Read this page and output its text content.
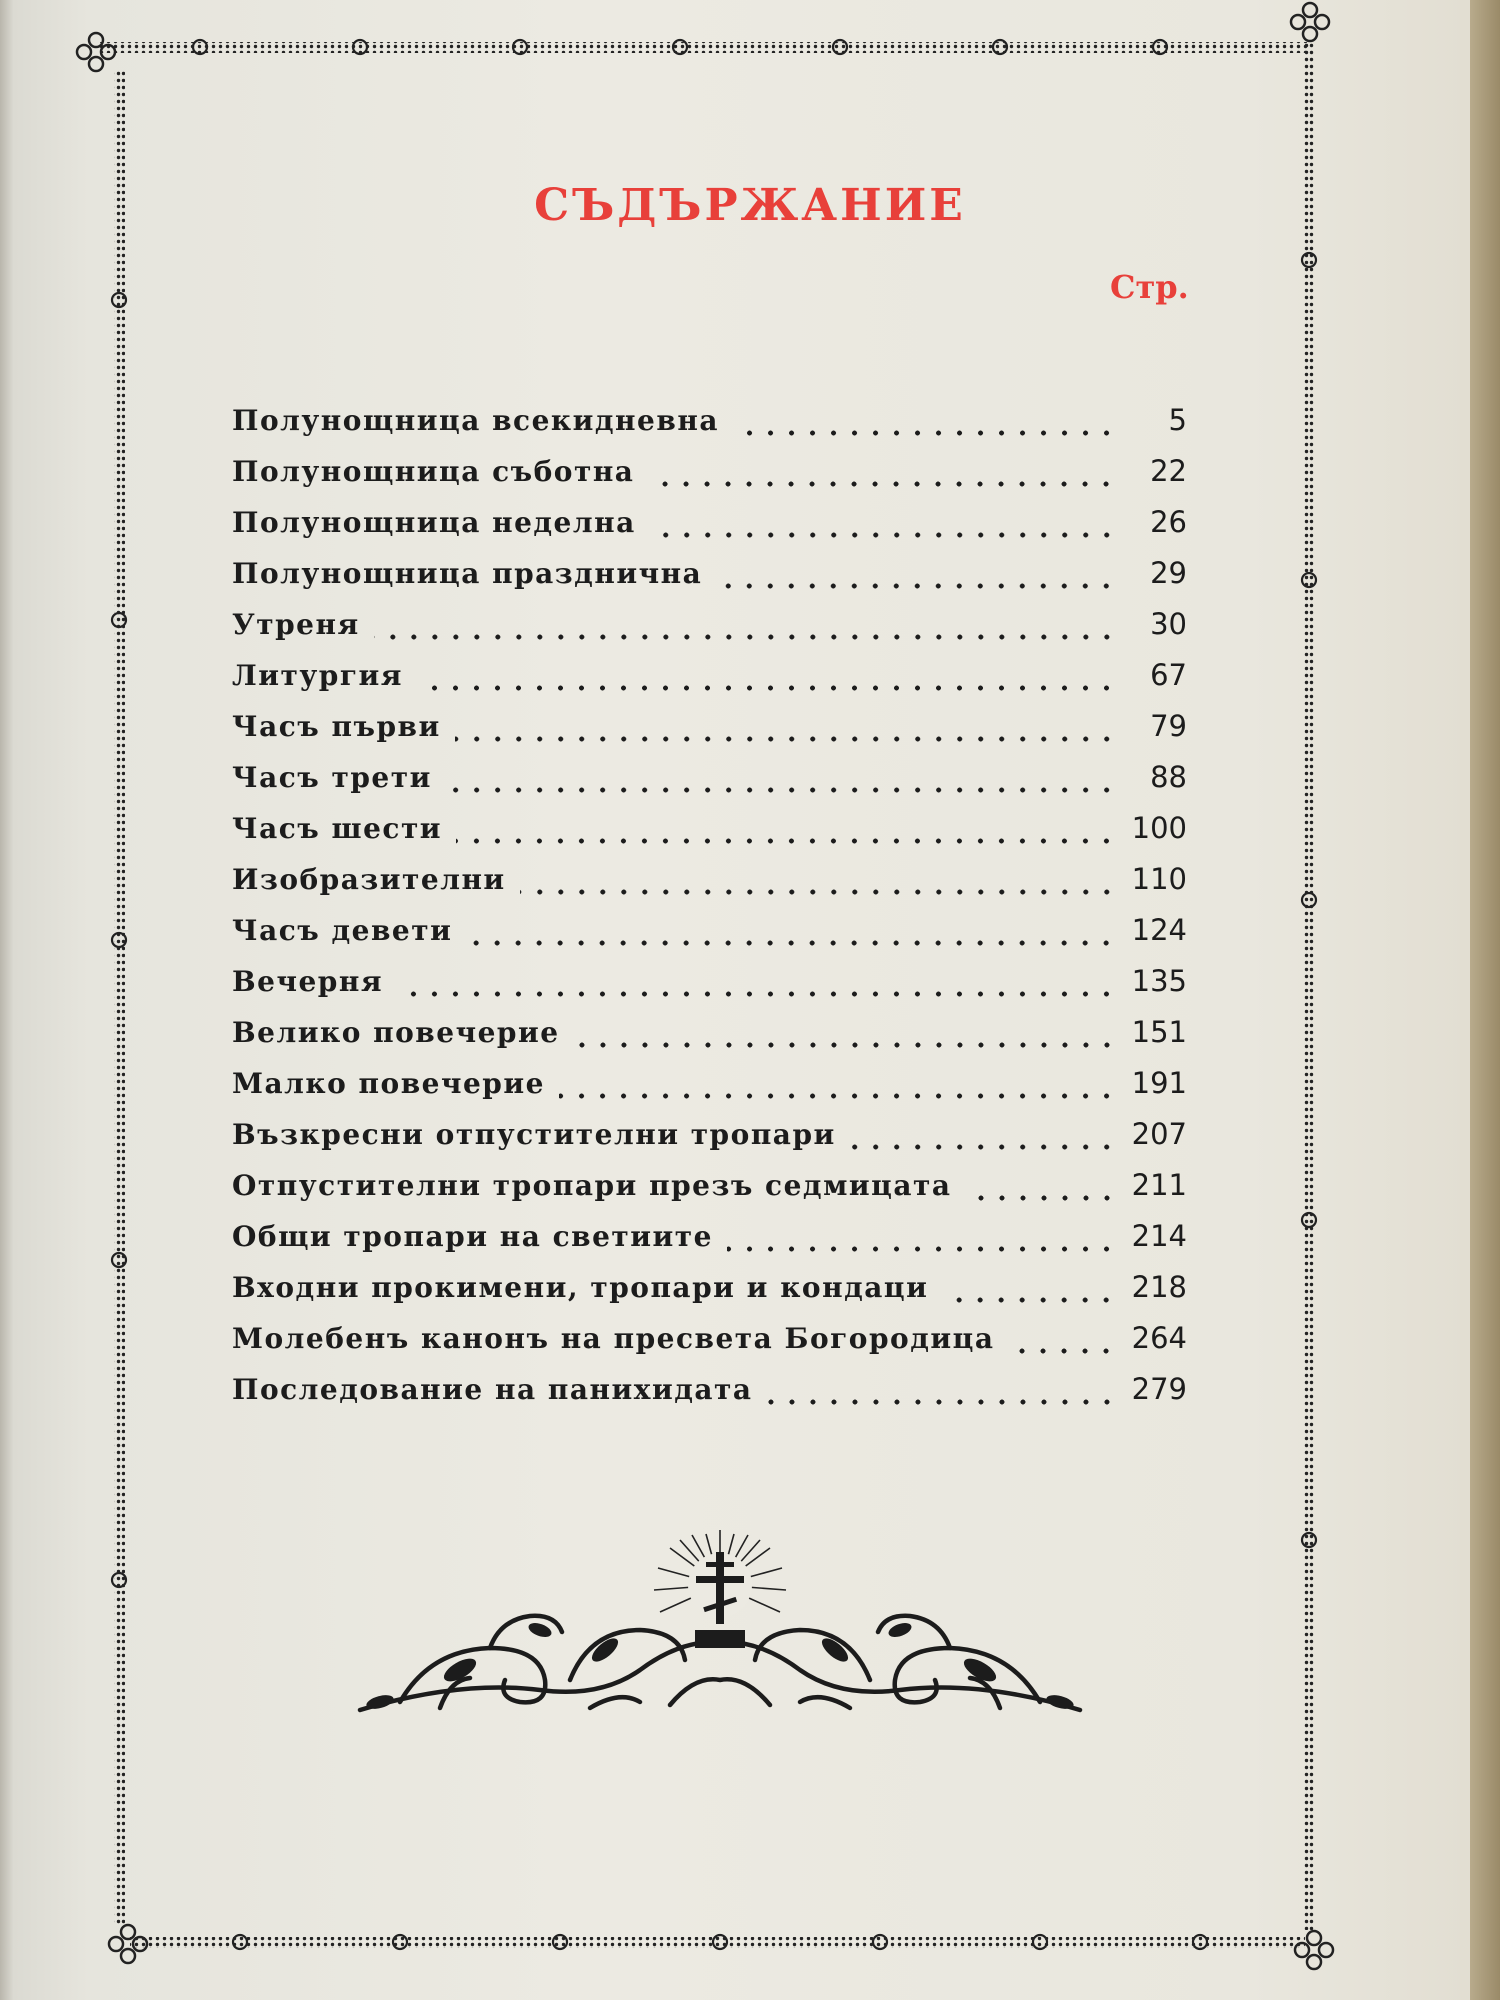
СЪДЪРЖАНИЕ
Стр.
Полунощница всекидневна	5
Полунощница съботна	22
Полунощница неделна	26
Полунощница празднична	29
Утреня	30
Литургия	67
Часъ първи	79
Часъ трети	88
Часъ шести	100
Изобразителни	110
Часъ девети	124
Вечерня	135
Велико повечерие	151
Малко повечерие	191
Възкресни отпустителни тропари	207
Отпустителни тропари презъ седмицата	211
Общи тропари на светиите	214
Входни прокимени, тропари и кондаци	218
Молебенъ канонъ на пресвета Богородица	264
Последование на панихидата	279
